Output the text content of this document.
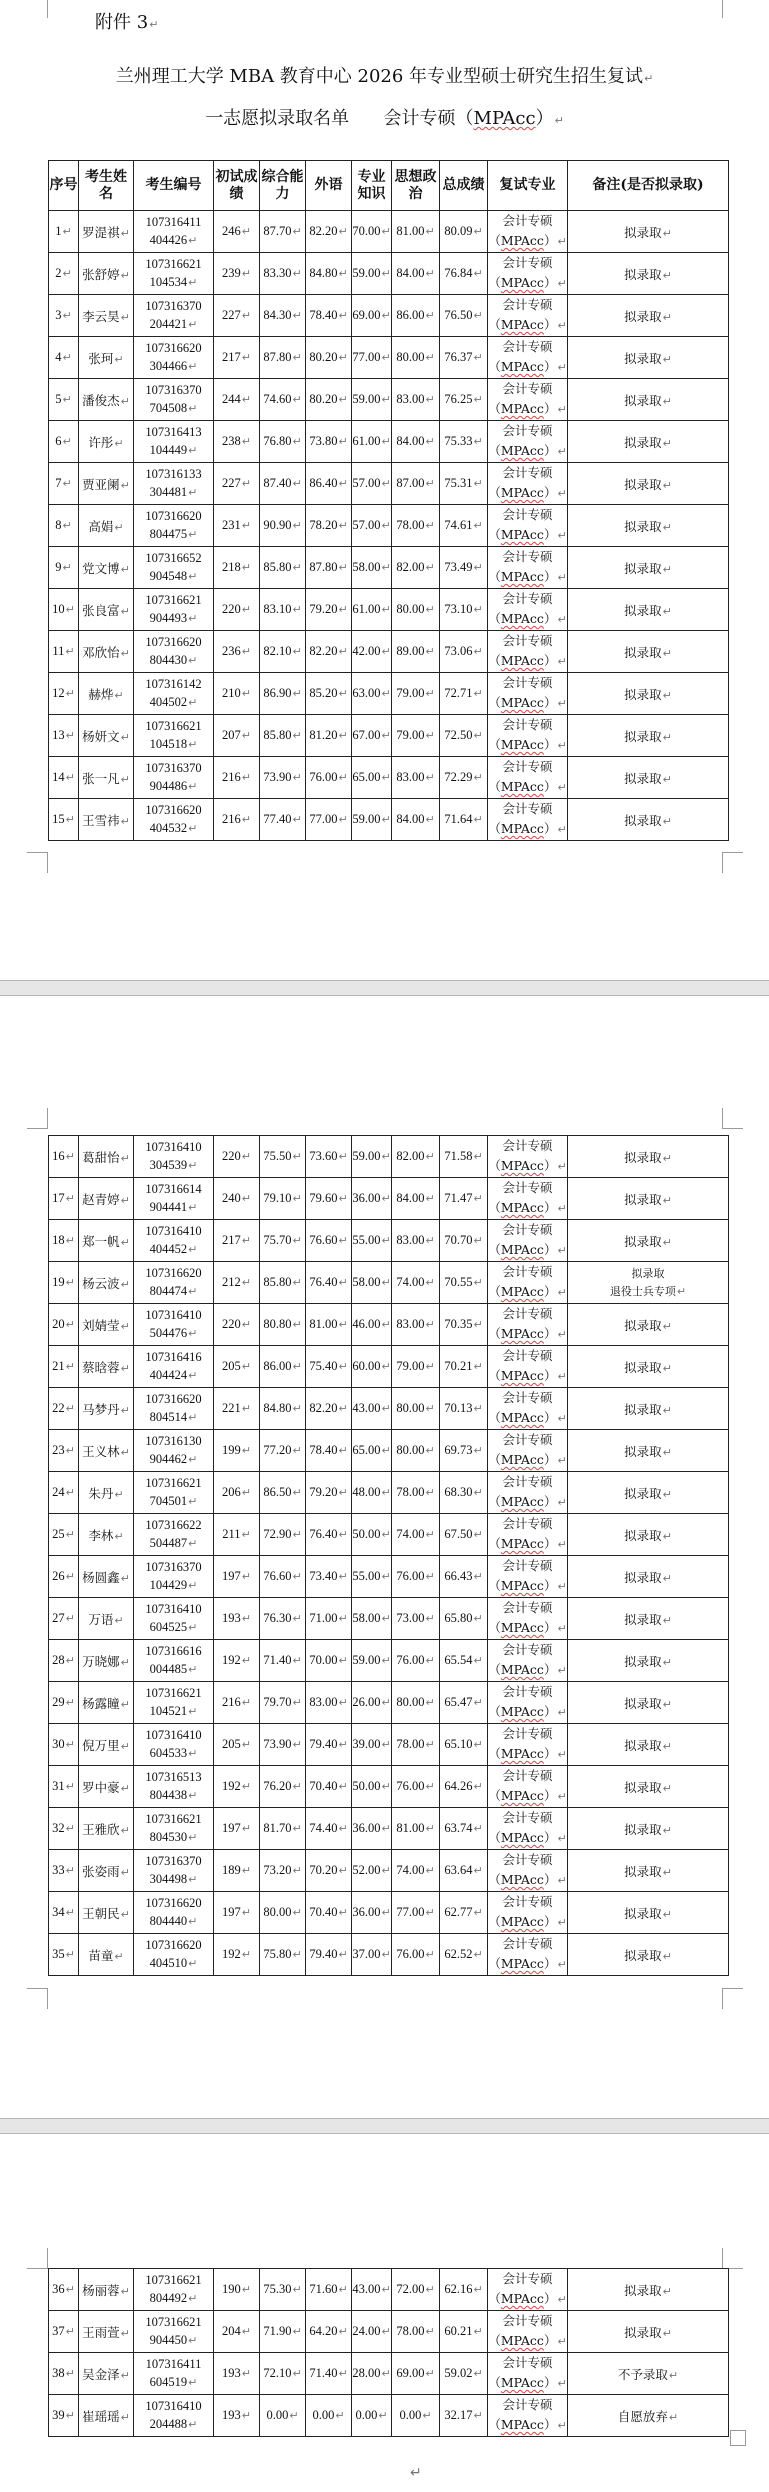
附件 3↵
兰州理工大学 MBA 教育中心 2026 年专业型硕士研究生招生复试↵
一志愿拟录取名单 会计专硕（MPAcc）↵
序号	考生姓名	考生编号	初试成绩	综合能力	外语	专业知识	思想政治	总成绩	复试专业	备注(是否拟录取)
1↵	罗湜祺↵	107316411
404426↵	246↵	87.70↵	82.20↵	70.00↵	81.00↵	80.09↵	会计专硕
（MPAcc）↵	拟录取↵
2↵	张舒婷↵	107316621
104534↵	239↵	83.30↵	84.80↵	59.00↵	84.00↵	76.84↵	会计专硕
（MPAcc）↵	拟录取↵
3↵	李云昊↵	107316370
204421↵	227↵	84.30↵	78.40↵	69.00↵	86.00↵	76.50↵	会计专硕
（MPAcc）↵	拟录取↵
4↵	张珂↵	107316620
304466↵	217↵	87.80↵	80.20↵	77.00↵	80.00↵	76.37↵	会计专硕
（MPAcc）↵	拟录取↵
5↵	潘俊杰↵	107316370
704508↵	244↵	74.60↵	80.20↵	59.00↵	83.00↵	76.25↵	会计专硕
（MPAcc）↵	拟录取↵
6↵	许彤↵	107316413
104449↵	238↵	76.80↵	73.80↵	61.00↵	84.00↵	75.33↵	会计专硕
（MPAcc）↵	拟录取↵
7↵	贾亚阑↵	107316133
304481↵	227↵	87.40↵	86.40↵	57.00↵	87.00↵	75.31↵	会计专硕
（MPAcc）↵	拟录取↵
8↵	高娟↵	107316620
804475↵	231↵	90.90↵	78.20↵	57.00↵	78.00↵	74.61↵	会计专硕
（MPAcc）↵	拟录取↵
9↵	党文博↵	107316652
904548↵	218↵	85.80↵	87.80↵	58.00↵	82.00↵	73.49↵	会计专硕
（MPAcc）↵	拟录取↵
10↵	张良富↵	107316621
904493↵	220↵	83.10↵	79.20↵	61.00↵	80.00↵	73.10↵	会计专硕
（MPAcc）↵	拟录取↵
11↵	邓欣怡↵	107316620
804430↵	236↵	82.10↵	82.20↵	42.00↵	89.00↵	73.06↵	会计专硕
（MPAcc）↵	拟录取↵
12↵	赫烨↵	107316142
404502↵	210↵	86.90↵	85.20↵	63.00↵	79.00↵	72.71↵	会计专硕
（MPAcc）↵	拟录取↵
13↵	杨妍文↵	107316621
104518↵	207↵	85.80↵	81.20↵	67.00↵	79.00↵	72.50↵	会计专硕
（MPAcc）↵	拟录取↵
14↵	张一凡↵	107316370
904486↵	216↵	73.90↵	76.00↵	65.00↵	83.00↵	72.29↵	会计专硕
（MPAcc）↵	拟录取↵
15↵	王雪祎↵	107316620
404532↵	216↵	77.40↵	77.00↵	59.00↵	84.00↵	71.64↵	会计专硕
（MPAcc）↵	拟录取↵
16↵	葛甜怡↵	107316410
304539↵	220↵	75.50↵	73.60↵	59.00↵	82.00↵	71.58↵	会计专硕
（MPAcc）↵	拟录取↵
17↵	赵青婷↵	107316614
904441↵	240↵	79.10↵	79.60↵	36.00↵	84.00↵	71.47↵	会计专硕
（MPAcc）↵	拟录取↵
18↵	郑一帆↵	107316410
404452↵	217↵	75.70↵	76.60↵	55.00↵	83.00↵	70.70↵	会计专硕
（MPAcc）↵	拟录取↵
19↵	杨云波↵	107316620
804474↵	212↵	85.80↵	76.40↵	58.00↵	74.00↵	70.55↵	会计专硕
（MPAcc）↵	拟录取
退役士兵专项↵
20↵	刘婧莹↵	107316410
504476↵	220↵	80.80↵	81.00↵	46.00↵	83.00↵	70.35↵	会计专硕
（MPAcc）↵	拟录取↵
21↵	蔡晗蓉↵	107316416
404424↵	205↵	86.00↵	75.40↵	60.00↵	79.00↵	70.21↵	会计专硕
（MPAcc）↵	拟录取↵
22↵	马梦丹↵	107316620
804514↵	221↵	84.80↵	82.20↵	43.00↵	80.00↵	70.13↵	会计专硕
（MPAcc）↵	拟录取↵
23↵	王义林↵	107316130
904462↵	199↵	77.20↵	78.40↵	65.00↵	80.00↵	69.73↵	会计专硕
（MPAcc）↵	拟录取↵
24↵	朱丹↵	107316621
704501↵	206↵	86.50↵	79.20↵	48.00↵	78.00↵	68.30↵	会计专硕
（MPAcc）↵	拟录取↵
25↵	李林↵	107316622
504487↵	211↵	72.90↵	76.40↵	50.00↵	74.00↵	67.50↵	会计专硕
（MPAcc）↵	拟录取↵
26↵	杨圆鑫↵	107316370
104429↵	197↵	76.60↵	73.40↵	55.00↵	76.00↵	66.43↵	会计专硕
（MPAcc）↵	拟录取↵
27↵	万语↵	107316410
604525↵	193↵	76.30↵	71.00↵	58.00↵	73.00↵	65.80↵	会计专硕
（MPAcc）↵	拟录取↵
28↵	万晓娜↵	107316616
004485↵	192↵	71.40↵	70.00↵	59.00↵	76.00↵	65.54↵	会计专硕
（MPAcc）↵	拟录取↵
29↵	杨露瞳↵	107316621
104521↵	216↵	79.70↵	83.00↵	26.00↵	80.00↵	65.47↵	会计专硕
（MPAcc）↵	拟录取↵
30↵	倪万里↵	107316410
604533↵	205↵	73.90↵	79.40↵	39.00↵	78.00↵	65.10↵	会计专硕
（MPAcc）↵	拟录取↵
31↵	罗中豪↵	107316513
804438↵	192↵	76.20↵	70.40↵	50.00↵	76.00↵	64.26↵	会计专硕
（MPAcc）↵	拟录取↵
32↵	王雅欣↵	107316621
804530↵	197↵	81.70↵	74.40↵	36.00↵	81.00↵	63.74↵	会计专硕
（MPAcc）↵	拟录取↵
33↵	张姿雨↵	107316370
304498↵	189↵	73.20↵	70.20↵	52.00↵	74.00↵	63.64↵	会计专硕
（MPAcc）↵	拟录取↵
34↵	王朝民↵	107316620
804440↵	197↵	80.00↵	70.40↵	36.00↵	77.00↵	62.77↵	会计专硕
（MPAcc）↵	拟录取↵
35↵	苗童↵	107316620
404510↵	192↵	75.80↵	79.40↵	37.00↵	76.00↵	62.52↵	会计专硕
（MPAcc）↵	拟录取↵
36↵	杨丽蓉↵	107316621
804492↵	190↵	75.30↵	71.60↵	43.00↵	72.00↵	62.16↵	会计专硕
（MPAcc）↵	拟录取↵
37↵	王雨萱↵	107316621
904450↵	204↵	71.90↵	64.20↵	24.00↵	78.00↵	60.21↵	会计专硕
（MPAcc）↵	拟录取↵
38↵	吴金泽↵	107316411
604519↵	193↵	72.10↵	71.40↵	28.00↵	69.00↵	59.02↵	会计专硕
（MPAcc）↵	不予录取↵
39↵	崔瑶瑶↵	107316410
204488↵	193↵	0.00↵	0.00↵	0.00↵	0.00↵	32.17↵	会计专硕
（MPAcc）↵	自愿放弃↵
↵
